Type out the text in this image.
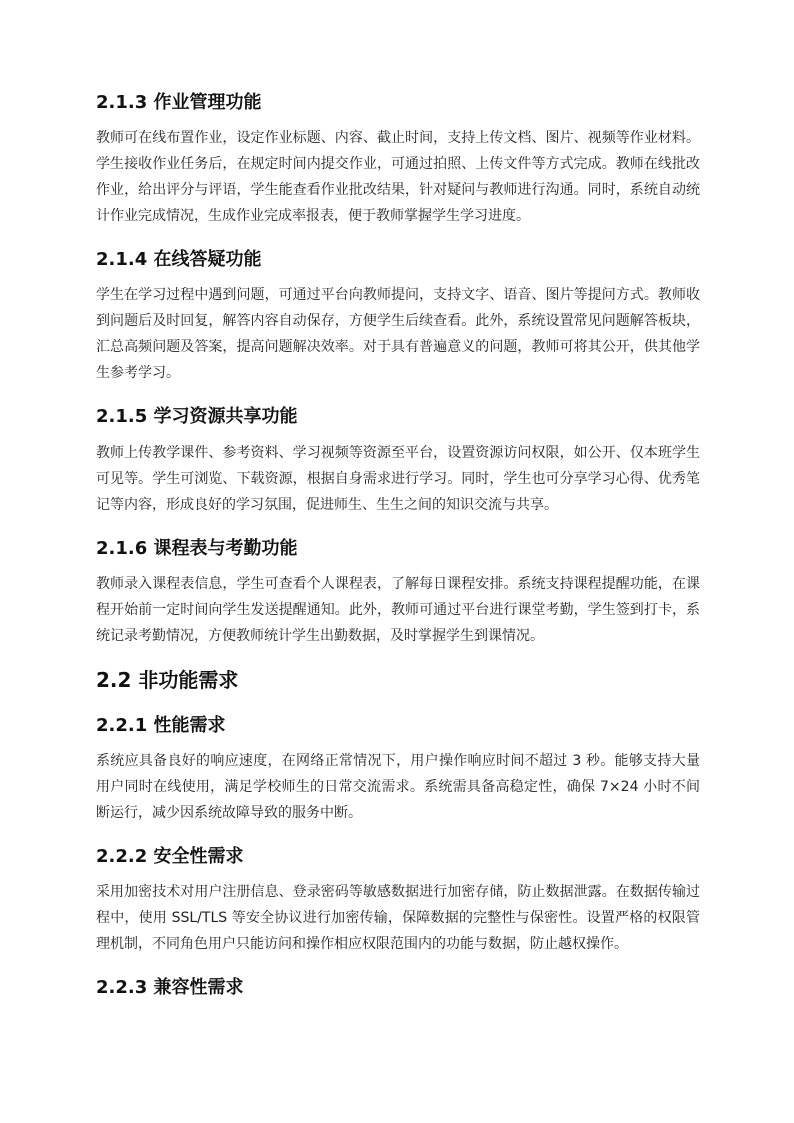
2.1.3 作业管理功能

教师可在线布置作业，设定作业标题、内容、截止时间，支持上传文档、图片、视频等作业材料。学生接收作业任务后，在规定时间内提交作业，可通过拍照、上传文件等方式完成。教师在线批改作业，给出评分与评语，学生能查看作业批改结果，针对疑问与教师进行沟通。同时，系统自动统计作业完成情况，生成作业完成率报表，便于教师掌握学生学习进度。

2.1.4 在线答疑功能

学生在学习过程中遇到问题，可通过平台向教师提问，支持文字、语音、图片等提问方式。教师收到问题后及时回复，解答内容自动保存，方便学生后续查看。此外，系统设置常见问题解答板块，汇总高频问题及答案，提高问题解决效率。对于具有普遍意义的问题，教师可将其公开，供其他学生参考学习。

2.1.5 学习资源共享功能

教师上传教学课件、参考资料、学习视频等资源至平台，设置资源访问权限，如公开、仅本班学生可见等。学生可浏览、下载资源，根据自身需求进行学习。同时，学生也可分享学习心得、优秀笔记等内容，形成良好的学习氛围，促进师生、生生之间的知识交流与共享。

2.1.6 课程表与考勤功能

教师录入课程表信息，学生可查看个人课程表，了解每日课程安排。系统支持课程提醒功能，在课程开始前一定时间向学生发送提醒通知。此外，教师可通过平台进行课堂考勤，学生签到打卡，系统记录考勤情况，方便教师统计学生出勤数据，及时掌握学生到课情况。

2.2 非功能需求
2.2.1 性能需求

系统应具备良好的响应速度，在网络正常情况下，用户操作响应时间不超过 3 秒。能够支持大量用户同时在线使用，满足学校师生的日常交流需求。系统需具备高稳定性，确保 7×24 小时不间断运行，减少因系统故障导致的服务中断。

2.2.2 安全性需求

采用加密技术对用户注册信息、登录密码等敏感数据进行加密存储，防止数据泄露。在数据传输过程中，使用 SSL/TLS 等安全协议进行加密传输，保障数据的完整性与保密性。设置严格的权限管理机制，不同角色用户只能访问和操作相应权限范围内的功能与数据，防止越权操作。

2.2.3 兼容性需求
